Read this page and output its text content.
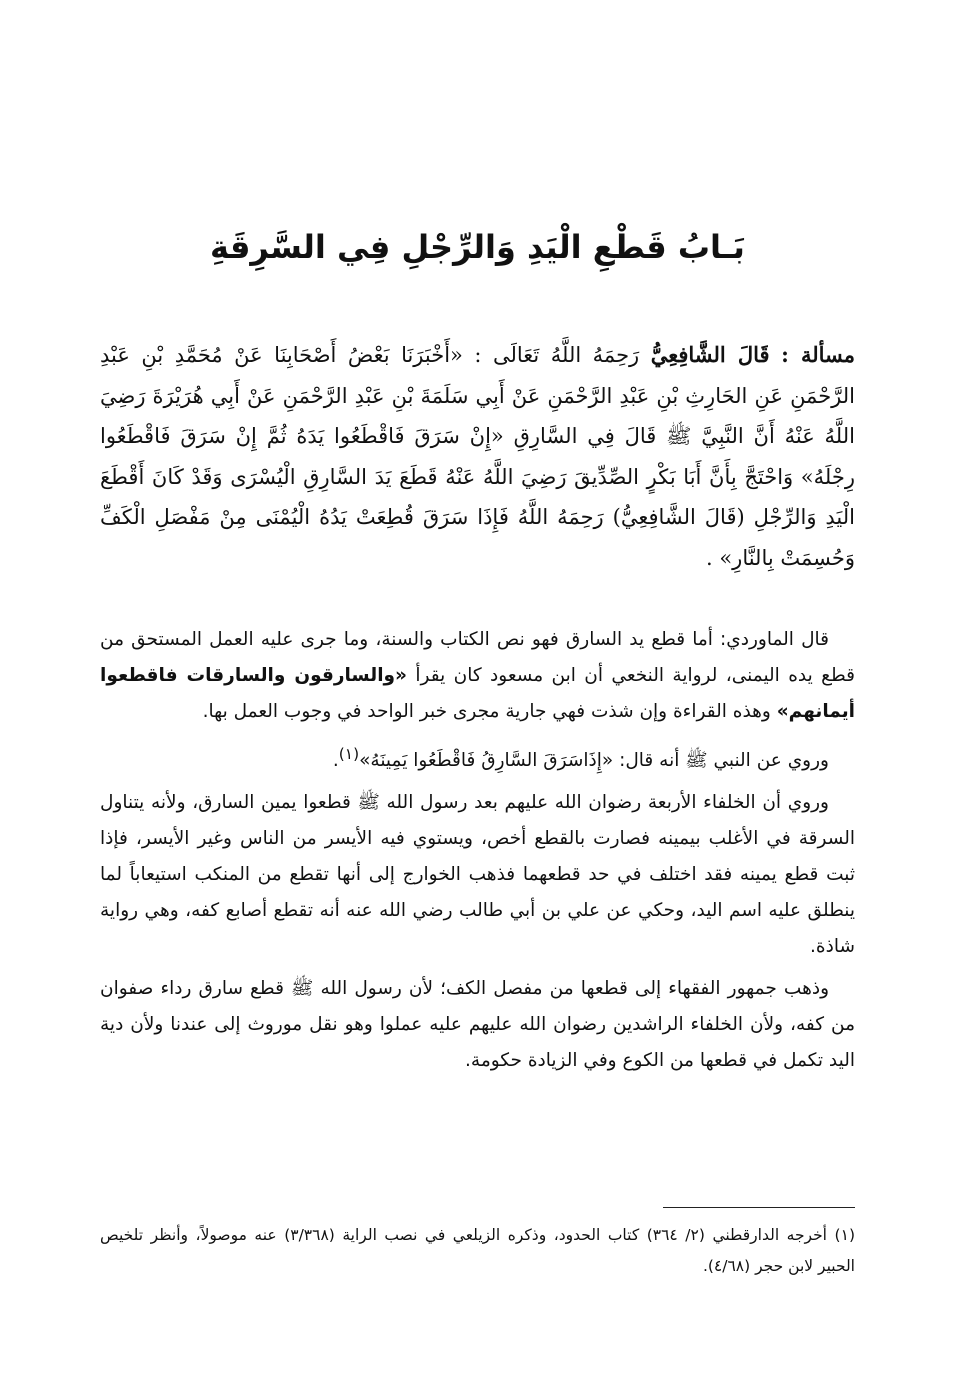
بَـابُ قَطْعِ الْيَدِ وَالرِّجْلِ فِي السَّرِقَةِ

مسألة : قَالَ الشَّافِعِيُّ رَحِمَهُ اللَّهُ تَعَالَى : «أَخْبَرَنَا بَعْضُ أَصْحَابِنَا عَنْ مُحَمَّدِ بْنِ عَبْدِ الرَّحْمَنِ عَنِ الحَارِثِ بْنِ عَبْدِ الرَّحْمَنِ عَنْ أَبِي سَلَمَةَ بْنِ عَبْدِ الرَّحْمَنِ عَنْ أَبِي هُرَيْرَةَ رَضِيَ اللَّهُ عَنْهُ أَنَّ النَّبِيَّ ﷺ قَالَ فِي السَّارِقِ «إِنْ سَرَقَ فَاقْطَعُوا يَدَهُ ثُمَّ إِنْ سَرَقَ فَاقْطَعُوا رِجْلَهُ» وَاحْتَجَّ بِأَنَّ أَبَا بَكْرٍ الصِّدِّيقَ رَضِيَ اللَّهُ عَنْهُ قَطَعَ يَدَ السَّارِقِ الْيُسْرَى وَقَدْ كَانَ أَقْطَعَ الْيَدِ وَالرِّجْلِ (قَالَ الشَّافِعِيُّ) رَحِمَهُ اللَّهُ فَإِذَا سَرَقَ قُطِعَتْ يَدُهُ الْيُمْنَى مِنْ مَفْصَلِ الْكَفِّ وَحُسِمَتْ بِالنَّارِ» .

قال الماوردي: أما قطع يد السارق فهو نص الكتاب والسنة، وما جرى عليه العمل المستحق من قطع يده اليمنى، لرواية النخعي أن ابن مسعود كان يقرأ «والسارقون والسارقات فاقطعوا أيمانهم» وهذه القراءة وإن شذت فهي جارية مجرى خبر الواحد في وجوب العمل بها.

وروي عن النبي ﷺ أنه قال: «إِذَاسَرَقَ السَّارِقُ فَاقْطَعُوا يَمِينَهُ»$^{(١)}$.

وروي أن الخلفاء الأربعة رضوان الله عليهم بعد رسول الله ﷺ قطعوا يمين السارق، ولأنه يتناول السرقة في الأغلب بيمينه فصارت بالقطع أخص، ويستوي فيه الأيسر من الناس وغير الأيسر، فإذا ثبت قطع يمينه فقد اختلف في حد قطعهما فذهب الخوارج إلى أنها تقطع من المنكب استيعاباً لما ينطلق عليه اسم اليد، وحكي عن علي بن أبي طالب رضي الله عنه أنه تقطع أصابع كفه، وهي رواية شاذة.

وذهب جمهور الفقهاء إلى قطعها من مفصل الكف؛ لأن رسول الله ﷺ قطع سارق رداء صفوان من كفه، ولأن الخلفاء الراشدين رضوان الله عليهم عليه عملوا وهو نقل موروث إلى عندنا ولأن دية اليد تكمل في قطعها من الكوع وفي الزيادة حكومة.

(١) أخرجه الدارقطني (٢/ ٣٦٤) كتاب الحدود، وذكره الزيلعي في نصب الراية (٣/٣٦٨) عنه موصولاً، وأنظر تلخيص الحبير لابن حجر (٤/٦٨).
